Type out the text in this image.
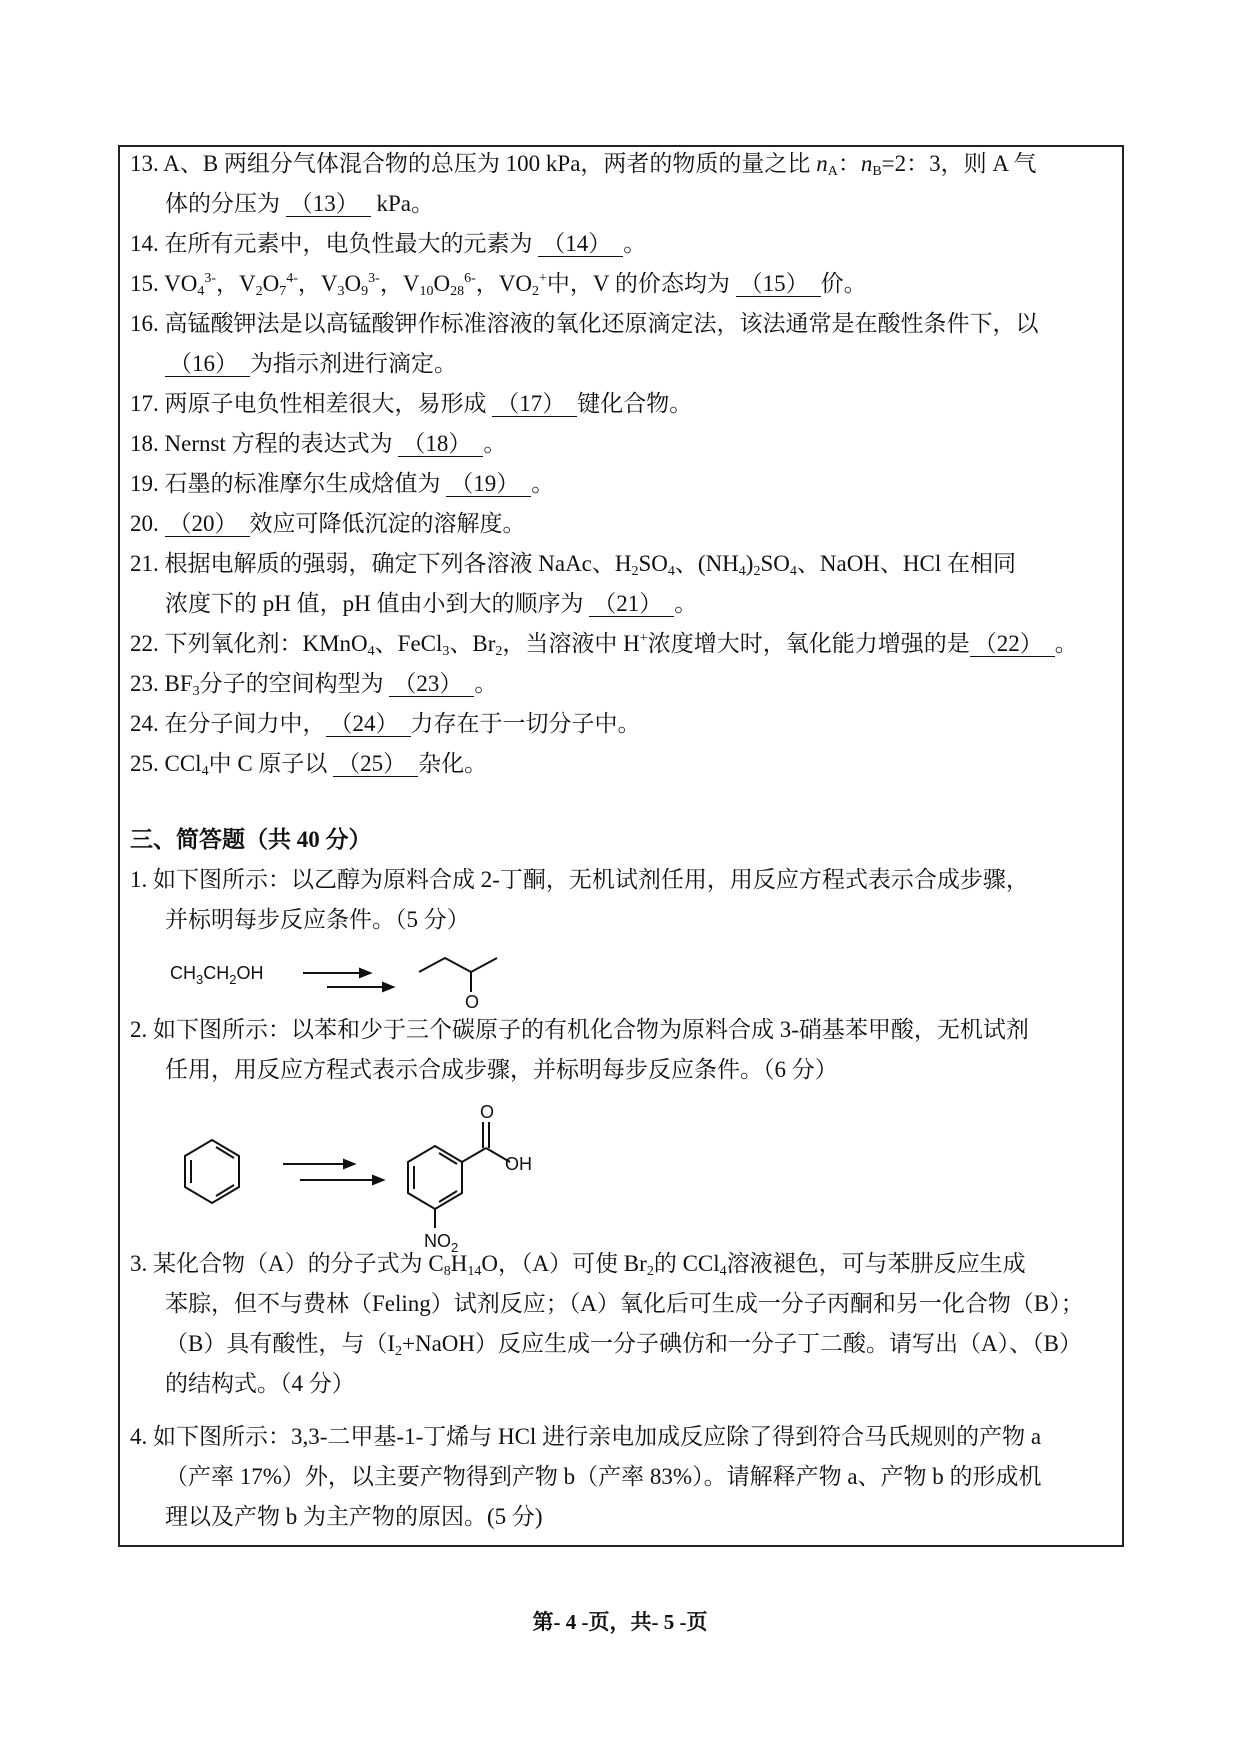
13. A、B 两组分气体混合物的总压为 100 kPa，两者的物质的量之比 $n_A$：$n_B=2$：3，则 A 气
体的分压为 （13） kPa。
14. 在所有元素中，电负性最大的元素为 （14） 。
15. $VO_4^{3-}$，$V_2O_7^{4-}$，$V_3O_9^{3-}$，$V_{10}O_{28}^{6-}$，$VO_2^+$中，V 的价态均为 （15） 价。
16. 高锰酸钾法是以高锰酸钾作标准溶液的氧化还原滴定法，该法通常是在酸性条件下，以
（16） 为指示剂进行滴定。
17. 两原子电负性相差很大，易形成 （17） 键化合物。
18. Nernst 方程的表达式为 （18） 。
19. 石墨的标准摩尔生成焓值为 （19） 。
20. （20） 效应可降低沉淀的溶解度。
21. 根据电解质的强弱，确定下列各溶液 NaAc、$H_2SO_4$、$(NH_4)_2SO_4$、NaOH、HCl 在相同
浓度下的 pH 值，pH 值由小到大的顺序为 （21） 。
22. 下列氧化剂：KMnO$_4$、FeCl$_3$、$Br_2$，当溶液中 H+浓度增大时，氧化能力增强的是 （22） 。
23. $BF_3$分子的空间构型为 （23） 。
24. 在分子间力中， （24） 力存在于一切分子中。
25. CCl$_4$中 C 原子以 （25） 杂化。
三、简答题（共 40 分）
1. 如下图所示：以乙醇为原料合成 2-丁酮，无机试剂任用，用反应方程式表示合成步骤，
并标明每步反应条件。（5 分）
2. 如下图所示：以苯和少于三个碳原子的有机化合物为原料合成 3-硝基苯甲酸，无机试剂
任用，用反应方程式表示合成步骤，并标明每步反应条件。（6 分）
3. 某化合物（A）的分子式为 $C_8H_{14}O$，（A）可使 $Br_2$的 CCl$_4$溶液褪色，可与苯肼反应生成
苯腙，但不与费林（Feling）试剂反应；（A）氧化后可生成一分子丙酮和另一化合物（B）；
（B）具有酸性，与$(I_2+NaOH)$反应生成一分子碘仿和一分子丁二酸。请写出（A）、（B）
的结构式。（4 分）
4. 如下图所示：3,3-二甲基-1-丁烯与 HCl 进行亲电加成反应除了得到符合马氏规则的产物 a
（产率 17%）外，以主要产物得到产物 b（产率 83%）。请解释产物 a、产物 b 的形成机
理以及产物 b 为主产物的原因。(5 分)
$CH_3CH_2OH$
O
O
OH
$NO_2$
第- 4 -页，共- 5 -页
